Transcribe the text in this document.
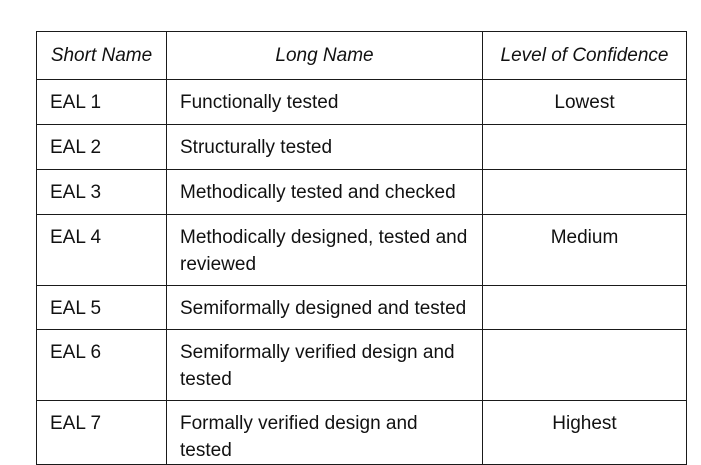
Short Name	Long Name	Level of Confidence
EAL 1	Functionally tested	Lowest
EAL 2	Structurally tested	
EAL 3	Methodically tested and checked	
EAL 4	Methodically designed, tested and reviewed	Medium
EAL 5	Semiformally designed and tested	
EAL 6	Semiformally verified design and tested	
EAL 7	Formally verified design and tested	Highest
